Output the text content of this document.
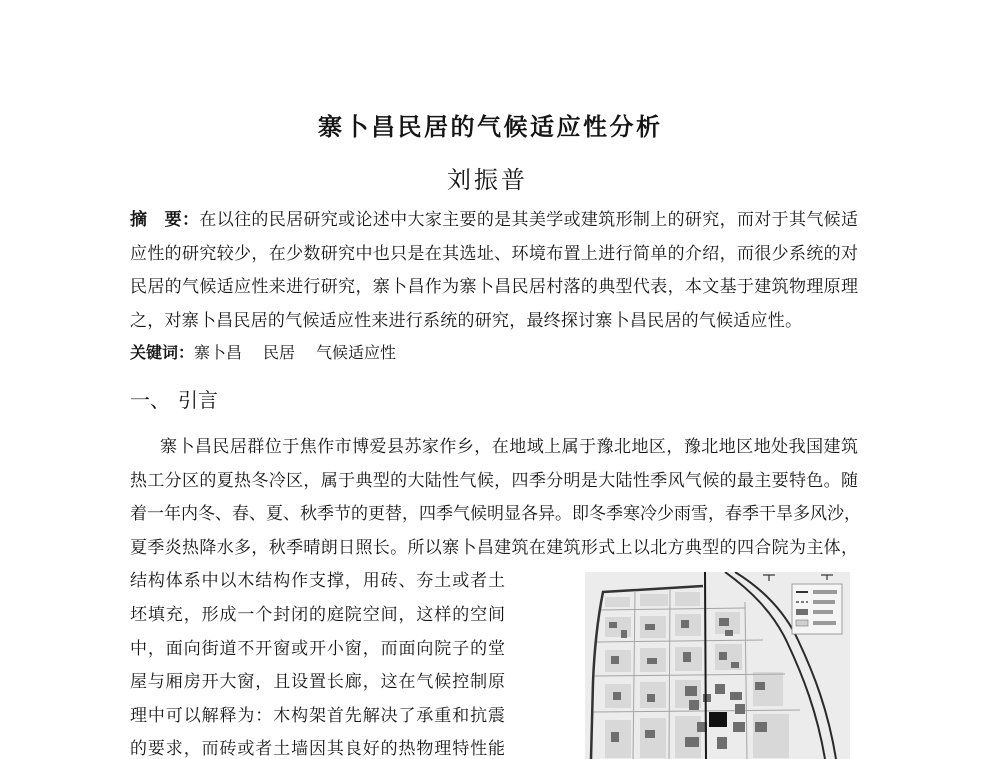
寨卜昌民居的气候适应性分析
刘振普
摘　要：在以往的民居研究或论述中大家主要的是其美学或建筑形制上的研究，而对于其气候适
应性的研究较少，在少数研究中也只是在其选址、环境布置上进行简单的介绍，而很少系统的对
民居的气候适应性来进行研究，寨卜昌作为寨卜昌民居村落的典型代表，本文基于建筑物理原理
之，对寨卜昌民居的气候适应性来进行系统的研究，最终探讨寨卜昌民居的气候适应性。
关键词：寨卜昌 民居 气候适应性
一、 引言
寨卜昌民居群位于焦作市博爱县苏家作乡，在地域上属于豫北地区，豫北地区地处我国建筑
热工分区的夏热冬冷区，属于典型的大陆性气候，四季分明是大陆性季风气候的最主要特色。随
着一年内冬、春、夏、秋季节的更替，四季气候明显各异。即冬季寒冷少雨雪，春季干旱多风沙，
夏季炎热降水多，秋季晴朗日照长。所以寨卜昌建筑在建筑形式上以北方典型的四合院为主体，
结构体系中以木结构作支撑，用砖、夯土或者土
坯填充，形成一个封闭的庭院空间，这样的空间
中，面向街道不开窗或开小窗，而面向院子的堂
屋与厢房开大窗，且设置长廊，这在气候控制原
理中可以解释为：木构架首先解决了承重和抗震
的要求，而砖或者土墙因其良好的热物理特性能
